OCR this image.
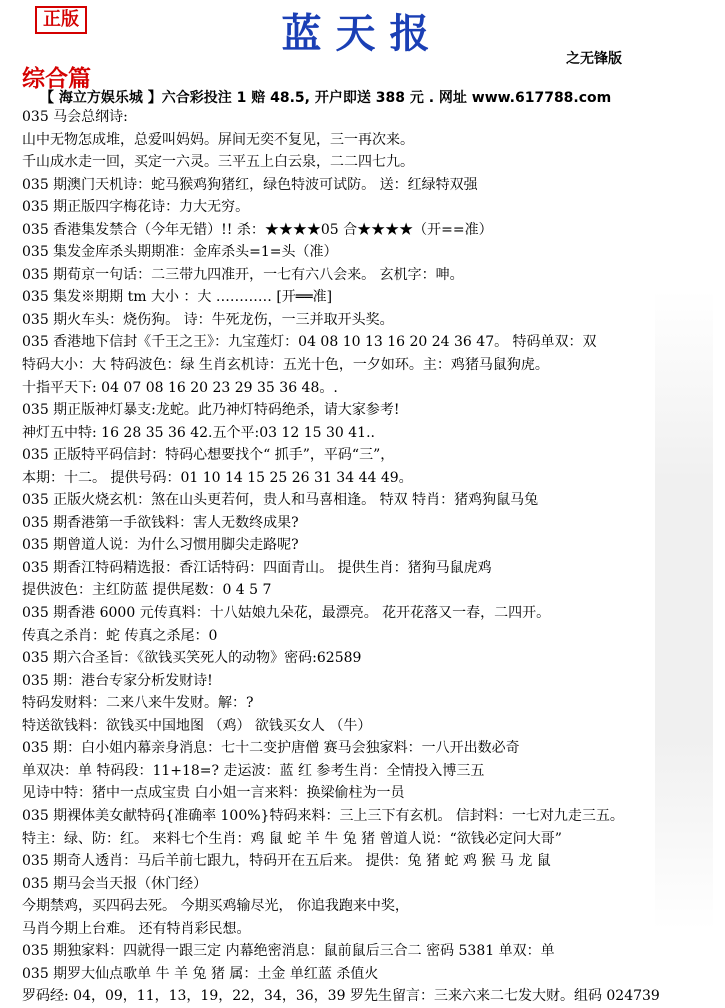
正版	蓝天报
之无锋版
综合篇
【 海立方娱乐城 】六合彩投注 1 赔 48.5, 开户即送 388 元 . 网址 www.617788.com
035 马会总纲诗:
山中无物怎成堆，总爱叫妈妈。屏间无奕不复见，三一再次来。
千山成水走一回，买定一六灵。三平五上白云泉，二二四七九。
035 期澳门天机诗：蛇马猴鸡狗猪红，绿色特波可试防。 送：红绿特双强
035 期正版四字梅花诗：力大无穷。
035 香港集发禁合（今年无错）!! 杀：★★★★05 合★★★★（开==准）
035 集发金库杀头期期准：金库杀头=1=头（准）
035 期荀京一句话：二三带九四准开，一七有六八会来。 玄机字：呻。
035 集发※期期 tm 大小 ：大 ………… [开══准]
035 期火车头：烧伤狗。 诗：牛死龙伤，一三并取开头奖。
035 香港地下信封《千王之王》：九宝莲灯：04 08 10 13 16 20 24 36 47。 特码单双：双
特码大小：大 特码波色：绿 生肖玄机诗：五光十色，一夕如环。主：鸡猪马鼠狗虎。
十指平天下: 04 07 08 16 20 23 29 35 36 48。.
035 期正版神灯暴支:龙蛇。此乃神灯特码绝杀，请大家参考!
神灯五中特: 16 28 35 36 42.五个平:03 12 15 30 41..
035 正版特平码信封：特码心想要找个“ 抓手”，平码“三”，
本期：十二。 提供号码：01 10 14 15 25 26 31 34 44 49。
035 正版火烧玄机：煞在山头更若何，贵人和马喜相逢。 特双 特肖：猪鸡狗鼠马兔
035 期香港第一手欲钱料：害人无数终成果?
035 期曾道人说：为什么习惯用脚尖走路呢?
035 期香江特码精选报：香江话特码：四面青山。 提供生肖：猪狗马鼠虎鸡
提供波色：主红防蓝 提供尾数：0 4 5 7
035 期香港 6000 元传真料：十八姑娘九朵花，最漂亮。 花开花落又一春，二四开。
传真之杀肖：蛇 传真之杀尾：0
035 期六合圣旨：《欲钱买笑死人的动物》密码:62589
035 期：港台专家分析发财诗!
特码发财料：二来八来牛发财。解：?
特送欲钱料：欲钱买中国地图 （鸡） 欲钱买女人 （牛）
035 期：白小姐内幕亲身消息：七十二变护唐僧 赛马会独家料：一八开出数必奇
单双决：单 特码段：11+18=? 走运波：蓝 红 参考生肖：全情投入博三五
见诗中特：猪中一点成宝贵 白小姐一言来料：换梁偷柱为一员
035 期裸体美女献特码{准确率 100%}特码来料：三上三下有玄机。 信封料：一七对九走三五。
特主：绿、防：红。 来料七个生肖：鸡 鼠 蛇 羊 牛 兔 猪 曾道人说：“欲钱必定问大哥”
035 期奇人透肖：马后羊前七跟九，特码开在五后来。 提供：兔 猪 蛇 鸡 猴 马 龙 鼠
035 期马会当天报（休门经）
今期禁鸡，买四码去死。 今期买鸡输尽光， 你追我跑来中奖，
马肖今期上台难。 还有特肖彩民想。
035 期独家料：四就得一跟三定 内幕绝密消息：鼠前鼠后三合二 密码 5381 单双：单
035 期罗大仙点歌单 牛 羊 兔 猪 属：土金 单红蓝 杀值火
罗码经: 04，09，11，13，19，22，34，36，39 罗先生留言：三来六来二七发大财。组码 024739
